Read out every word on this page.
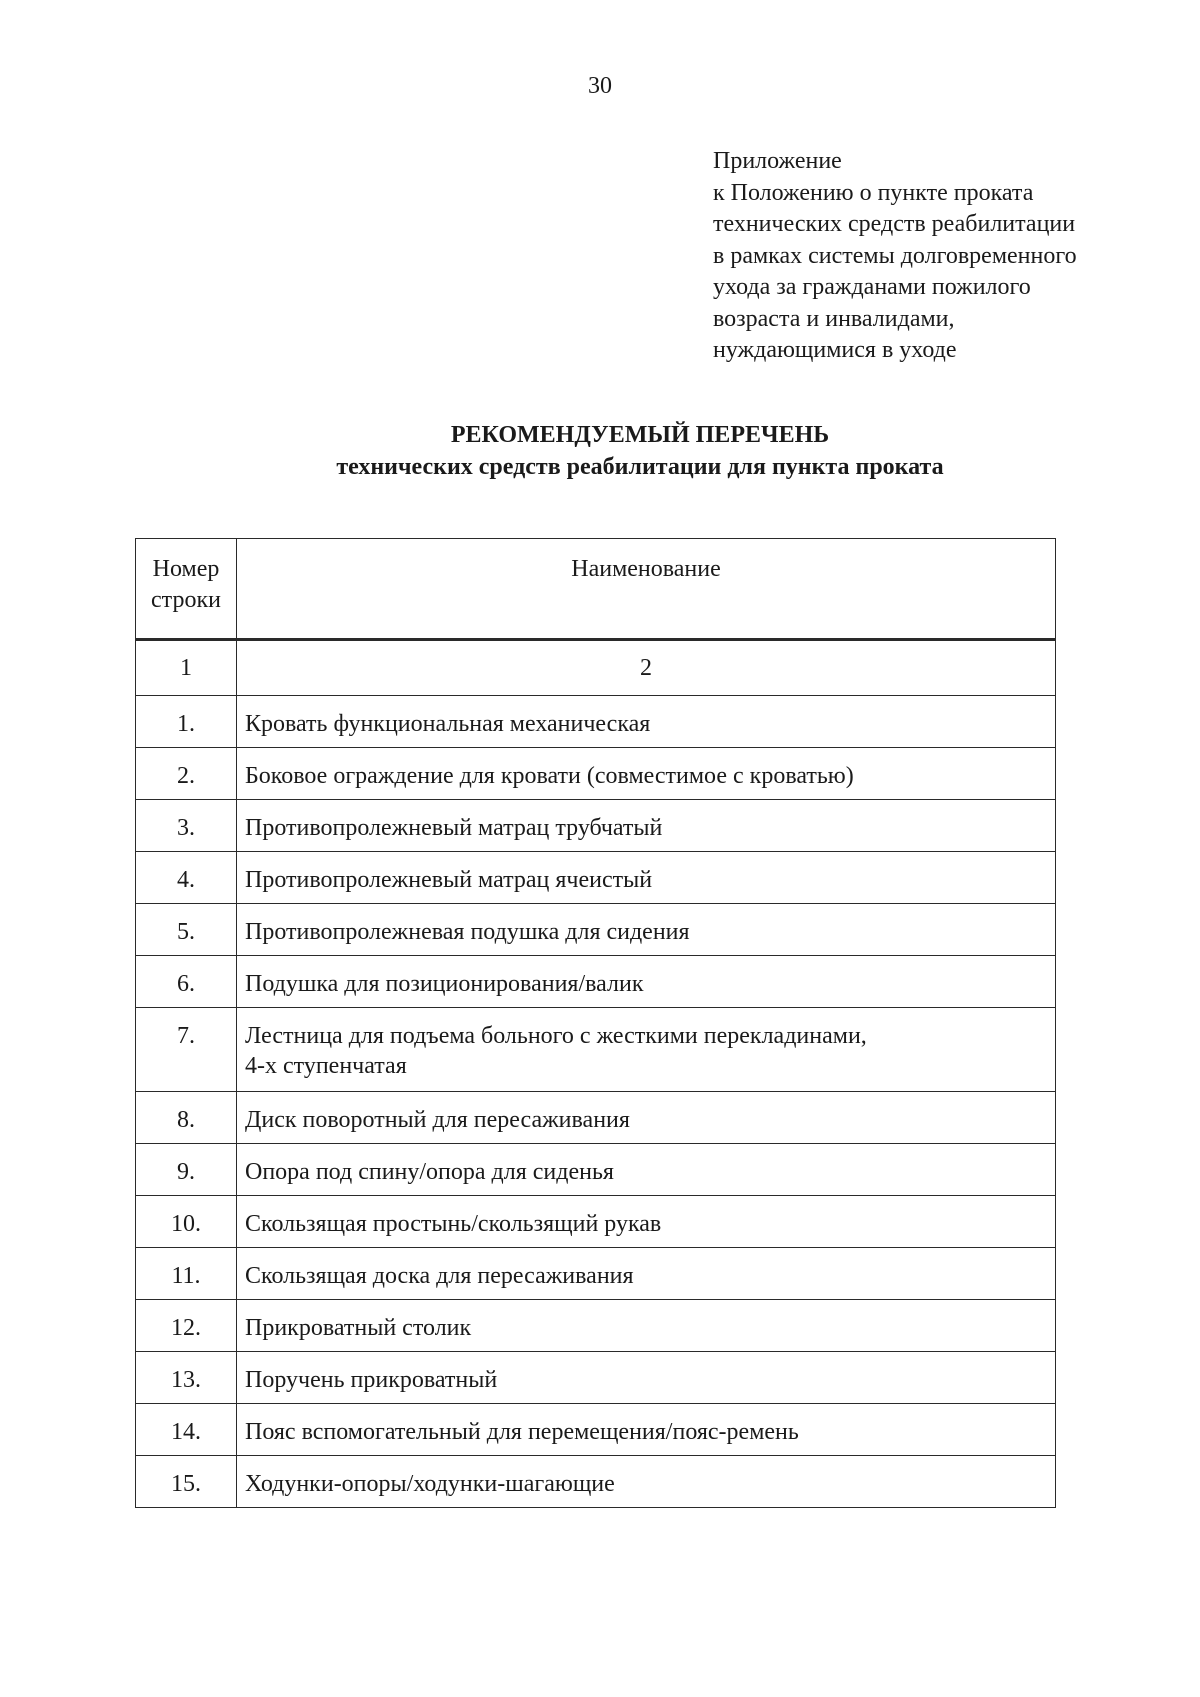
30
Приложение
к Положению о пункте проката
технических средств реабилитации
в рамках системы долговременного
ухода за гражданами пожилого
возраста и инвалидами,
нуждающимися в уходе
РЕКОМЕНДУЕМЫЙ ПЕРЕЧЕНЬ
технических средств реабилитации для пункта проката
Номер
строки	Наименование
1	2
1.	Кровать функциональная механическая
2.	Боковое ограждение для кровати (совместимое с кроватью)
3.	Противопролежневый матрац трубчатый
4.	Противопролежневый матрац ячеистый
5.	Противопролежневая подушка для сидения
6.	Подушка для позиционирования/валик
7.	Лестница для подъема больного с жесткими перекладинами,
4-х ступенчатая

8.	Диск поворотный для пересаживания
9.	Опора под спину/опора для сиденья
10.	Скользящая простынь/скользящий рукав
11.	Скользящая доска для пересаживания
12.	Прикроватный столик
13.	Поручень прикроватный
14.	Пояс вспомогательный для перемещения/пояс-ремень
15.	Ходунки-опоры/ходунки-шагающие
